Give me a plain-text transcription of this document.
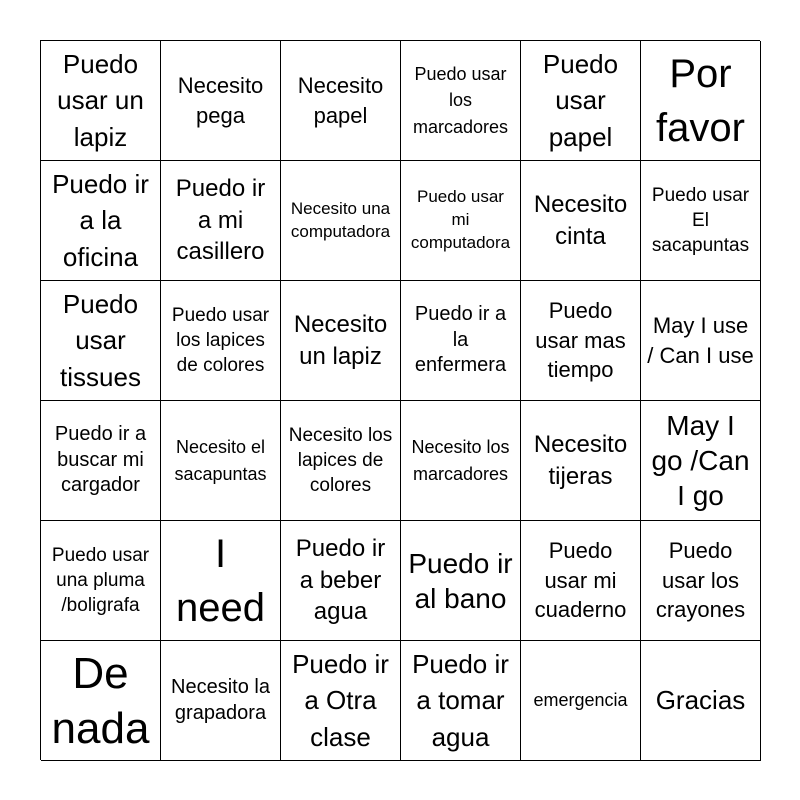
Puedo usar un lapiz
Necesito pega
Necesito papel
Puedo usar los marcadores
Puedo usar papel
Por favor
Puedo ir a la oficina
Puedo ir a mi casillero
Necesito una computadora
Puedo usar mi computadora
Necesito cinta
Puedo usar El sacapuntas
Puedo usar tissues
Puedo usar los lapices de colores
Necesito un lapiz
Puedo ir a la enfermera
Puedo usar mas tiempo
May I use / Can I use
Puedo ir a buscar mi cargador
Necesito el sacapuntas
Necesito los lapices de colores
Necesito los marcadores
Necesito tijeras
May I go /Can I go
Puedo usar una pluma /boligrafa
I need
Puedo ir a beber agua
Puedo ir al bano
Puedo usar mi cuaderno
Puedo usar los crayones
De nada
Necesito la grapadora
Puedo ir a Otra clase
Puedo ir a tomar agua
emergencia Gracias
